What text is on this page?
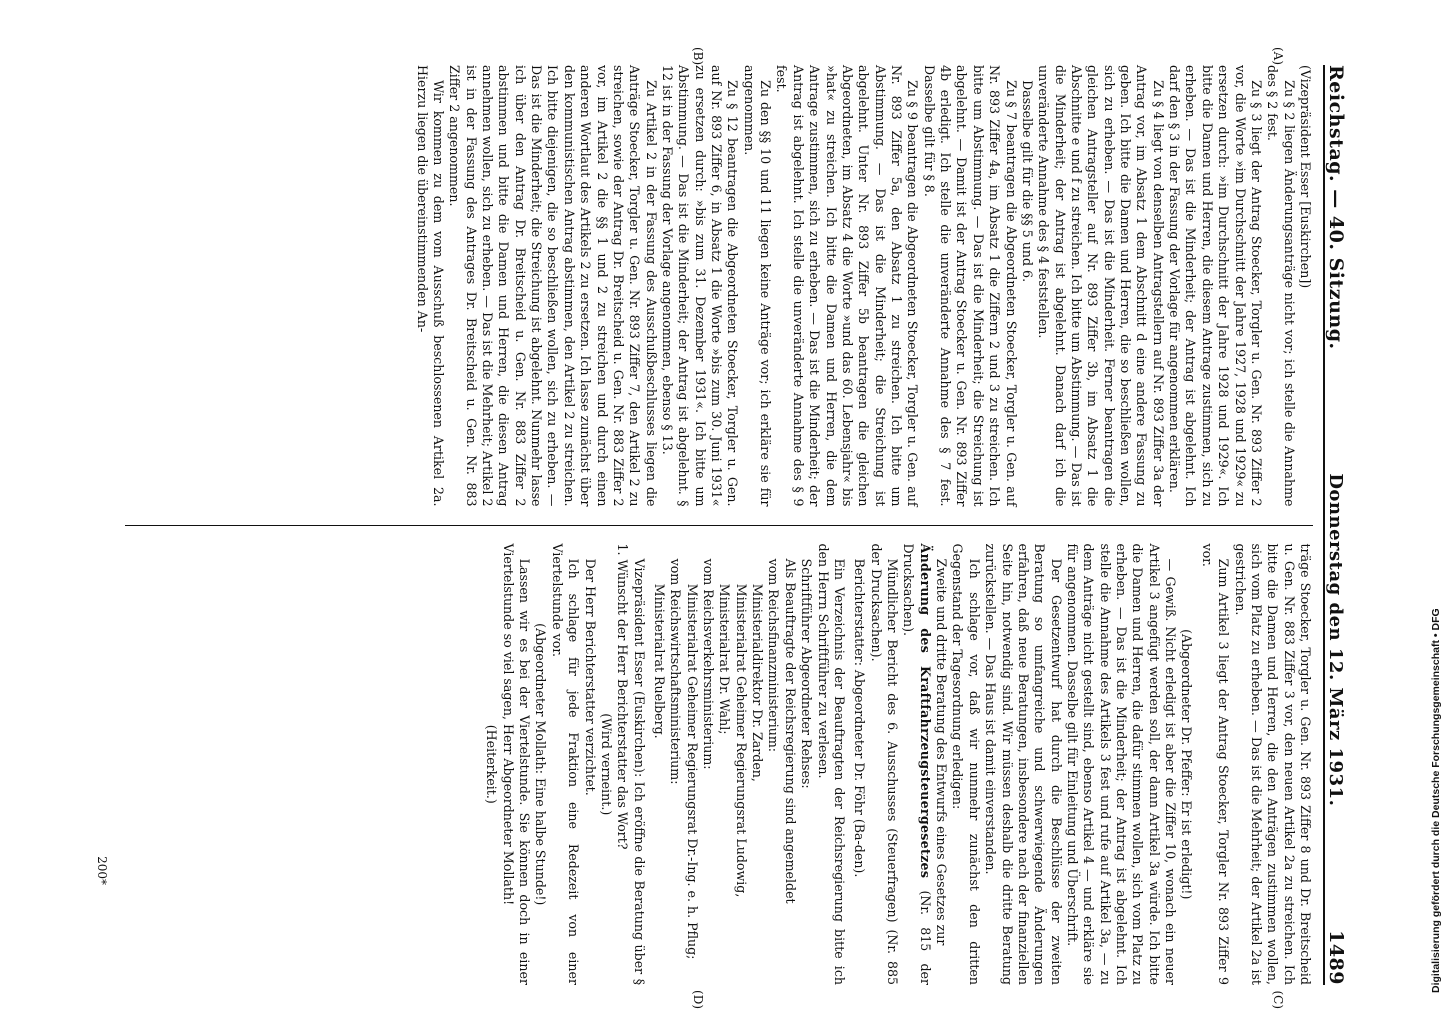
Reichstag. — 40. Sitzung.
Donnerstag den 12. März 1931.
1489
(A)
(B)
(C)
(D)

(Vizepräsident Esser [Euskirchen])

Zu § 2 liegen Änderungsanträge nicht vor; ich stelle die Annahme des § 2 fest.

Zu § 3 liegt der Antrag Stoecker, Torgler u. Gen. Nr. 893 Ziffer 2 vor, die Worte »im Durchschnitt der Jahre 1927, 1928 und 1929« zu ersetzen durch: »im Durchschnitt der Jahre 1928 und 1929«. Ich bitte die Damen und Herren, die diesem Antrage zustimmen, sich zu erheben. — Das ist die Minderheit; der Antrag ist abgelehnt. Ich darf den § 3 in der Fassung der Vorlage für angenommen erklären.

Zu § 4 liegt von denselben Antragstellern auf Nr. 893 Ziffer 3a der Antrag vor, im Absatz 1 dem Abschnitt d eine andere Fassung zu geben. Ich bitte die Damen und Herren, die so beschließen wollen, sich zu erheben. — Das ist die Minderheit. Ferner beantragen die gleichen Antragsteller auf Nr. 893 Ziffer 3b, im Absatz 1 die Abschnitte e und f zu streichen. Ich bitte um Abstimmung. — Das ist die Minderheit; der Antrag ist abgelehnt. Danach darf ich die unveränderte Annahme des § 4 feststellen.

Dasselbe gilt für die §§ 5 und 6.

Zu § 7 beantragen die Abgeordneten Stoecker, Torgler u. Gen. auf Nr. 893 Ziffer 4a, im Absatz 1 die Ziffern 2 und 3 zu streichen. Ich bitte um Abstimmung. — Das ist die Minderheit; die Streichung ist abgelehnt. — Damit ist der Antrag Stoecker u. Gen. Nr. 893 Ziffer 4b erledigt. Ich stelle die unveränderte Annahme des § 7 fest. Dasselbe gilt für § 8.

Zu § 9 beantragen die Abgeordneten Stoecker, Torgler u. Gen. auf Nr. 893 Ziffer 5a, den Absatz 1 zu streichen. Ich bitte um Abstimmung. — Das ist die Minderheit; die Streichung ist abgelehnt. Unter Nr. 893 Ziffer 5b beantragen die gleichen Abgeordneten, im Absatz 4 die Worte »und das 60. Lebensjahr« bis »hat« zu streichen. Ich bitte die Damen und Herren, die dem Antrage zustimmen, sich zu erheben. — Das ist die Minderheit; der Antrag ist abgelehnt. Ich stelle die unveränderte Annahme des § 9 fest.

Zu den §§ 10 und 11 liegen keine Anträge vor; ich erkläre sie für angenommen.

Zu § 12 beantragen die Abgeordneten Stoecker, Torgler u. Gen. auf Nr. 893 Ziffer 6, in Absatz 1 die Worte »bis zum 30. Juni 1931« zu ersetzen durch: »bis zum 31. Dezember 1931«. Ich bitte um Abstimmung. — Das ist die Minderheit; der Antrag ist abgelehnt. § 12 ist in der Fassung der Vorlage angenommen, ebenso § 13.

Zu Artikel 2 in der Fassung des Ausschußbeschlusses liegen die Anträge Stoecker, Torgler u. Gen. Nr. 893 Ziffer 7, den Artikel 2 zu streichen, sowie der Antrag Dr. Breitscheid u. Gen. Nr. 883 Ziffer 2 vor, im Artikel 2 die §§ 1 und 2 zu streichen und durch einen anderen Wortlaut des Artikels 2 zu ersetzen. Ich lasse zunächst über den kommunistischen Antrag abstimmen, den Artikel 2 zu streichen. Ich bitte diejenigen, die so beschließen wollen, sich zu erheben. — Das ist die Minderheit; die Streichung ist abgelehnt. Nunmehr lasse ich über den Antrag Dr. Breitscheid u. Gen. Nr. 883 Ziffer 2 abstimmen und bitte die Damen und Herren, die diesen Antrag annehmen wollen, sich zu erheben. — Das ist die Mehrheit; Artikel 2 ist in der Fassung des Antrages Dr. Breitscheid u. Gen. Nr. 883 Ziffer 2 angenommen.

Wir kommen zu dem vom Ausschuß beschlossenen Artikel 2a. Hierzu liegen die übereinstimmenden An-

träge Stoecker, Torgler u. Gen. Nr. 893 Ziffer 8 und Dr. Breitscheid u. Gen. Nr. 883 Ziffer 3 vor, den neuen Artikel 2a zu streichen. Ich bitte die Damen und Herren, die den Anträgen zustimmen wollen, sich vom Platz zu erheben. — Das ist die Mehrheit; der Artikel 2a ist gestrichen.

Zum Artikel 3 liegt der Antrag Stoecker, Torgler Nr. 893 Ziffer 9 vor.

(Abgeordneter Dr. Pfeffer: Er ist erledigt!)

— Gewiß. Nicht erledigt ist aber die Ziffer 10, wonach ein neuer Artikel 3 angefügt werden soll, der dann Artikel 3a würde. Ich bitte die Damen und Herren, die dafür stimmen wollen, sich vom Platz zu erheben. — Das ist die Minderheit; der Antrag ist abgelehnt. Ich stelle die Annahme des Artikels 3 fest und rufe auf Artikel 3a, — zu dem Anträge nicht gestellt sind, ebenso Artikel 4 — und erkläre sie für angenommen. Dasselbe gilt für Einleitung und Überschrift.

Der Gesetzentwurf hat durch die Beschlüsse der zweiten Beratung so umfangreiche und schwerwiegende Änderungen erfahren, daß neue Beratungen, insbesondere nach der finanziellen Seite hin, notwendig sind. Wir müssen deshalb die dritte Beratung zurückstellen. — Das Haus ist damit einverstanden.

Ich schlage vor, daß wir nunmehr zunächst den dritten Gegenstand der Tagesordnung erledigen:

Zweite und dritte Beratung des Entwurfs eines Gesetzes zur

Änderung des Kraftfahrzeugsteuergesetzes (Nr. 815 der Drucksachen).

Mündlicher Bericht des 6. Ausschusses (Steuerfragen) (Nr. 885 der Drucksachen).

Berichterstatter: Abgeordneter Dr. Föhr (Ba-den).

Ein Verzeichnis der Beauftragten der Reichsregierung bitte ich den Herrn Schriftführer zu verlesen.

Schriftführer Abgeordneter Rehses:

Als Beauftragte der Reichsregierung sind angemeldet

vom Reichsfinanzministerium:

Ministerialdirektor Dr. Zarden,

Ministerialrat Geheimer Regierungsrat Ludowig,

Ministerialrat Dr. Wahl;

vom Reichsverkehrsministerium:

Ministerialrat Geheimer Regierungsrat Dr.-Ing. e. h. Pflug;

vom Reichswirtschaftsministerium:

Ministerialrat Ruelberg.

Vizepräsident Esser (Euskirchen): Ich eröffne die Beratung über § 1. Wünscht der Herr Berichterstatter das Wort?

(Wird verneint.)

Der Herr Berichterstatter verzichtet.

Ich schlage für jede Fraktion eine Redezeit von einer Viertelstunde vor.

(Abgeordneter Mollath: Eine halbe Stunde!)

Lassen wir es bei der Viertelstunde. Sie können doch in einer Viertelstunde so viel sagen, Herr Abgeordneter Mollath!

(Heiterkeit.)

200*	Digitalisierung gefördert durch die Deutsche Forschungsgemeinschaft • DFG
